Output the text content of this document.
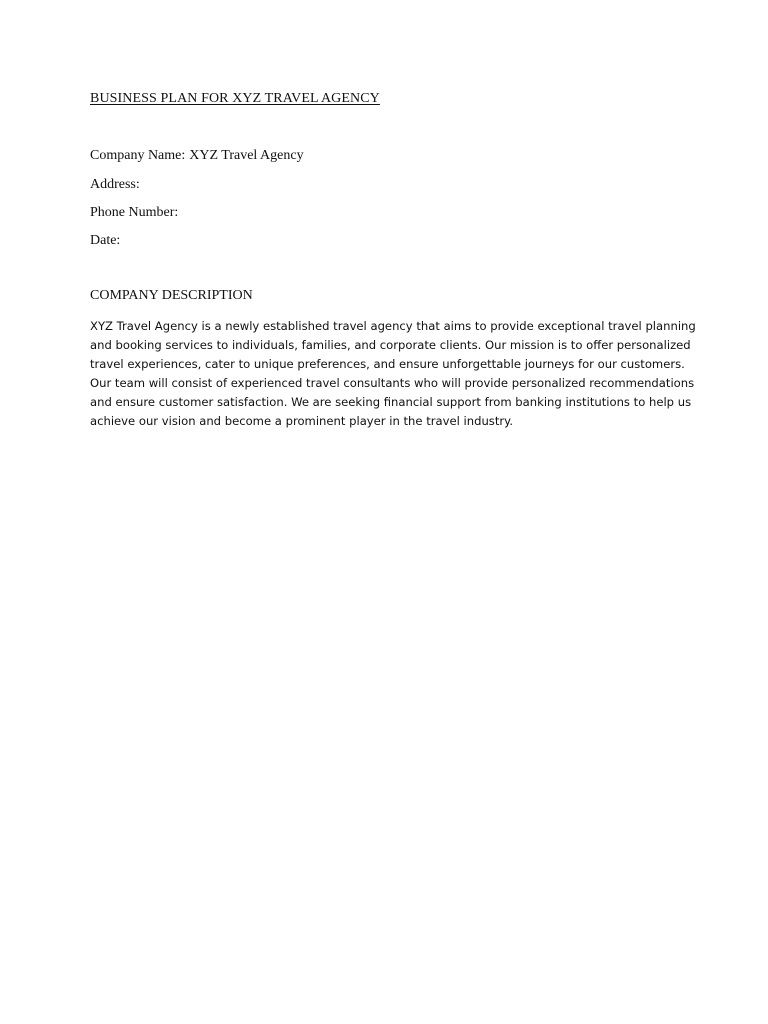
BUSINESS PLAN FOR XYZ TRAVEL AGENCY
Company Name: XYZ Travel Agency
Address:
Phone Number:
Date:
COMPANY DESCRIPTION
XYZ Travel Agency is a newly established travel agency that aims to provide exceptional travel planning
and booking services to individuals, families, and corporate clients. Our mission is to offer personalized
travel experiences, cater to unique preferences, and ensure unforgettable journeys for our customers.
Our team will consist of experienced travel consultants who will provide personalized recommendations
and ensure customer satisfaction. We are seeking financial support from banking institutions to help us
achieve our vision and become a prominent player in the travel industry.
